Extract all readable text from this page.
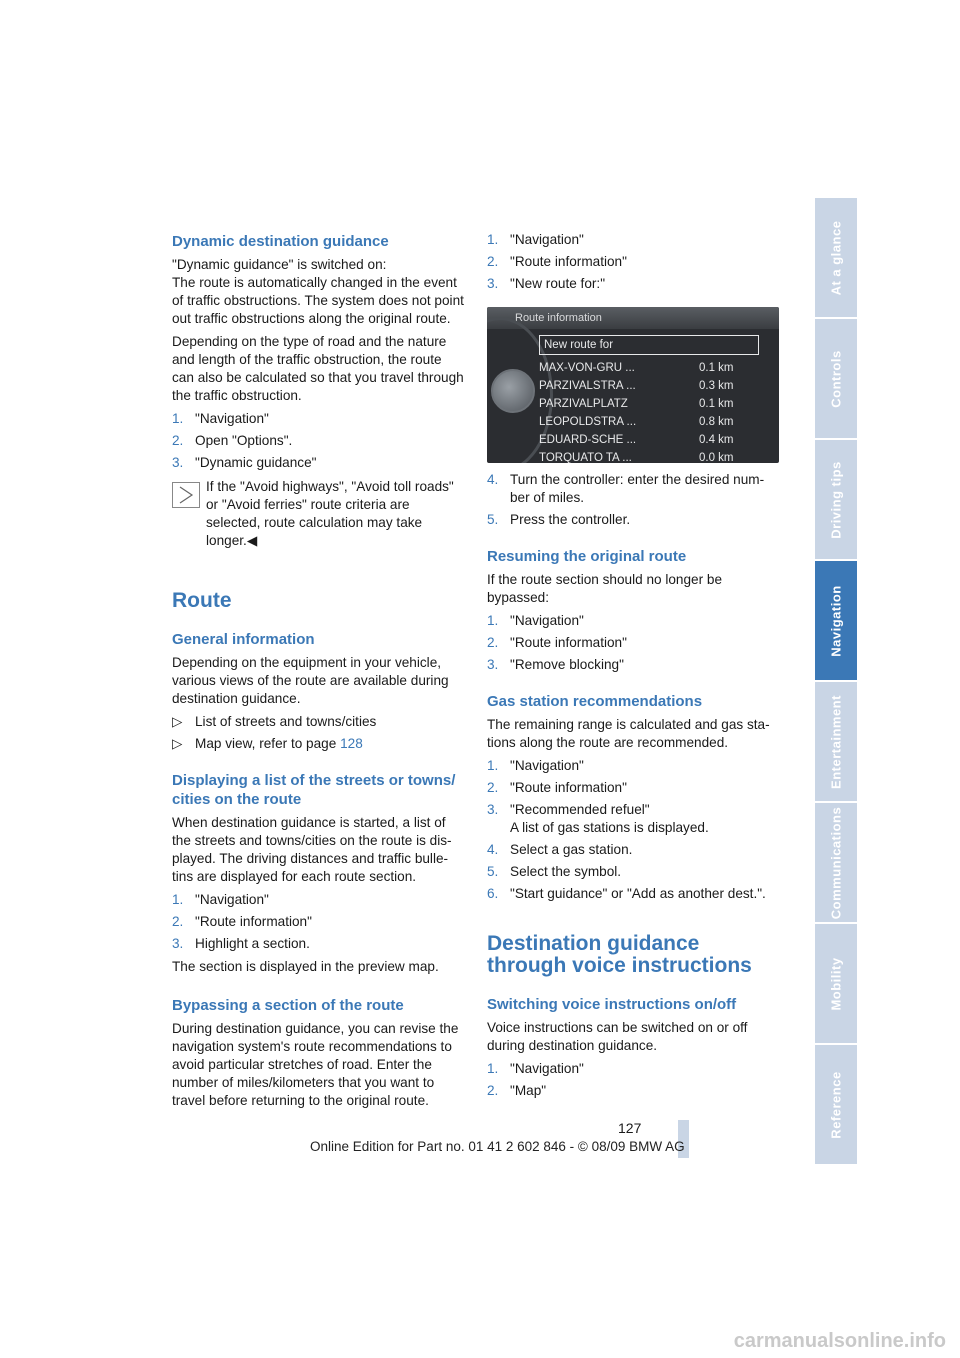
At a glance
Controls
Driving tips
Navigation
Entertainment
Communications
Mobility
Reference
Dynamic destination guidance

"Dynamic guidance" is switched on:

The route is automatically changed in the event of traffic obstructions. The system does not point out traffic obstructions along the original route.

Depending on the type of road and the nature and length of the traffic obstruction, the route can also be calculated so that you travel through the traffic obstruction.

1. "Navigation"
2. Open "Options".
3. "Dynamic guidance"
If the "Avoid highways", "Avoid toll roads" or "Avoid ferries" route criteria are selected, route calculation may take longer.◀
Route
General information

Depending on the equipment in your vehicle, various views of the route are available during destination guidance.

▷ List of streets and towns/cities
▷ Map view, refer to page 128
Displaying a list of the streets or towns/ cities on the route

When destination guidance is started, a list of the streets and towns/cities on the route is dis-played. The driving distances and traffic bulle-tins are displayed for each route section.

1. "Navigation"
2. "Route information"
3. Highlight a section.

The section is displayed in the preview map.

Bypassing a section of the route

During destination guidance, you can revise the navigation system's route recommendations to avoid particular stretches of road. Enter the number of miles/kilometers that you want to travel before returning to the original route.

1. "Navigation"
2. "Route information"
3. "New route for:"
Route information
New route for
MAX-VON-GRU ...	0.1 km
PARZIVALSTRA ...	0.3 km
PARZIVALPLATZ	0.1 km
LEOPOLDSTRA ...	0.8 km
EDUARD-SCHE ...	0.4 km
TORQUATO TA ...	0.0 km
4. Turn the controller: enter the desired num-ber of miles.
5. Press the controller.
Resuming the original route

If the route section should no longer be bypassed:

1. "Navigation"
2. "Route information"
3. "Remove blocking"
Gas station recommendations

The remaining range is calculated and gas sta-tions along the route are recommended.

1. "Navigation"
2. "Route information"
3. "Recommended refuel"
A list of gas stations is displayed.
4. Select a gas station.
5. Select the symbol.
6. "Start guidance" or "Add as another dest.".
Destination guidance through voice instructions
Switching voice instructions on/off

Voice instructions can be switched on or off during destination guidance.

1. "Navigation"
2. "Map"
127
Online Edition for Part no. 01 41 2 602 846 - © 08/09 BMW AG
carmanualsonline.info
